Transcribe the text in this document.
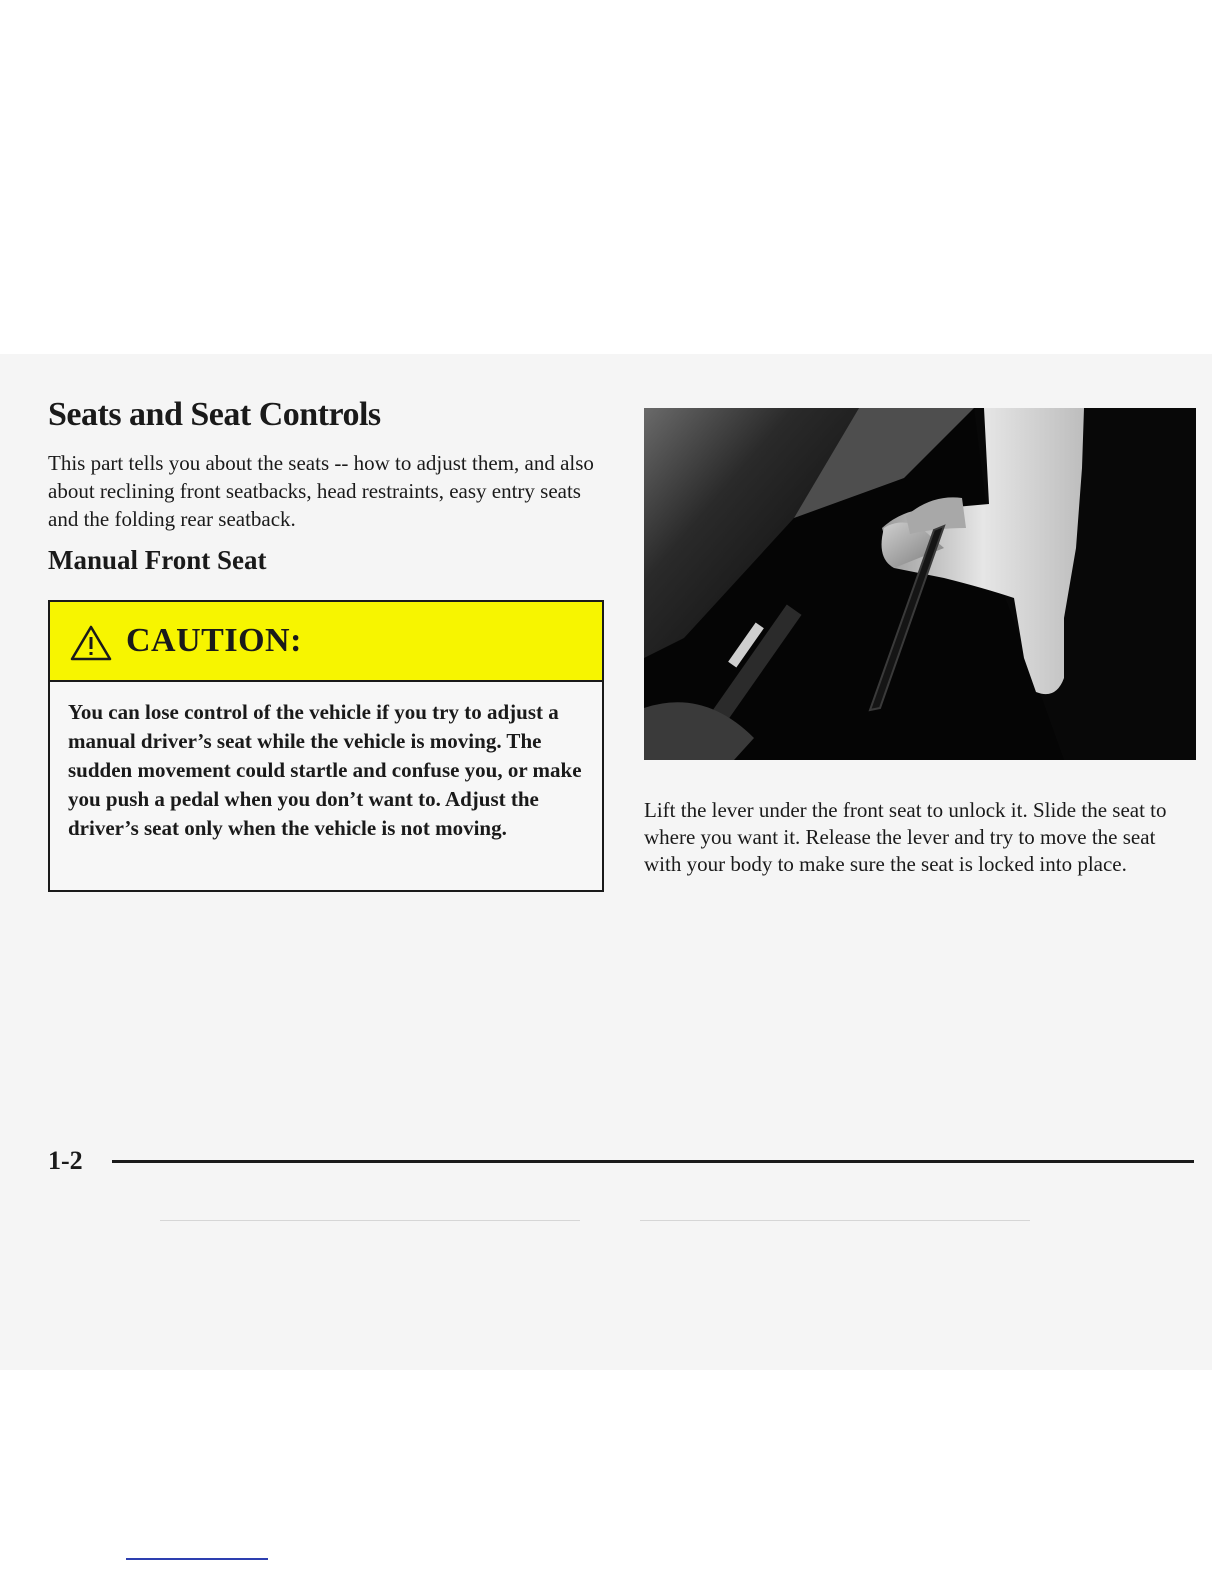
Seats and Seat Controls

This part tells you about the seats -- how to adjust them, and also about reclining front seatbacks, head restraints, easy entry seats and the folding rear seatback.

Manual Front Seat
CAUTION:

You can lose control of the vehicle if you try to adjust a manual driver’s seat while the vehicle is moving. The sudden movement could startle and confuse you, or make you push a pedal when you don’t want to. Adjust the driver’s seat only when the vehicle is not moving.

Lift the lever under the front seat to unlock it. Slide the seat to where you want it. Release the lever and try to move the seat with your body to make sure the seat is locked into place.

1-2
